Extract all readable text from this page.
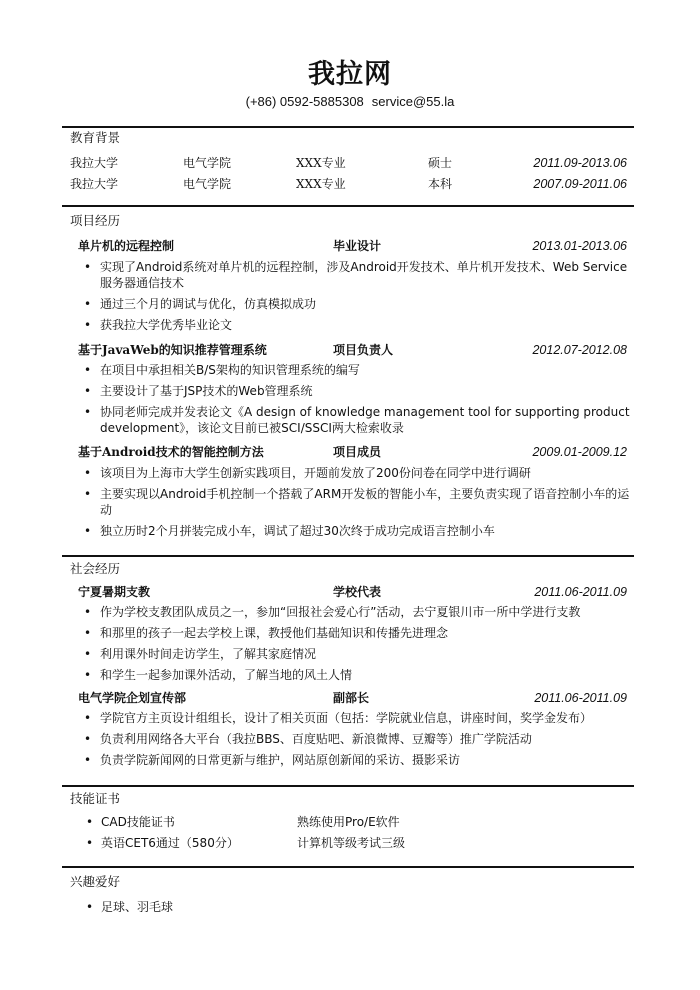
我拉网
(+86) 0592-5885308 service@55.la
教育背景
我拉大学	电气学院	XXX专业	硕士	2011.09-2013.06
我拉大学	电气学院	XXX专业	本科	2007.09-2011.06
项目经历
单片机的远程控制	毕业设计	2013.01-2013.06
• 实现了Android系统对单片机的远程控制，涉及Android开发技术、单片机开发技术、Web Service服务器通信技术
• 通过三个月的调试与优化，仿真模拟成功
• 获我拉大学优秀毕业论文
基于JavaWeb的知识推荐管理系统	项目负责人	2012.07-2012.08
• 在项目中承担相关B/S架构的知识管理系统的编写
• 主要设计了基于JSP技术的Web管理系统
• 协同老师完成并发表论文《A design of knowledge management tool for supporting product development》，该论文目前已被SCI/SSCI两大检索收录
基于Android技术的智能控制方法	项目成员	2009.01-2009.12
• 该项目为上海市大学生创新实践项目，开题前发放了200份问卷在同学中进行调研
• 主要实现以Android手机控制一个搭载了ARM开发板的智能小车，主要负责实现了语音控制小车的运动
• 独立历时2个月拼装完成小车，调试了超过30次终于成功完成语言控制小车
社会经历
宁夏暑期支教	学校代表	2011.06-2011.09
• 作为学校支教团队成员之一，参加“回报社会爱心行”活动，去宁夏银川市一所中学进行支教
• 和那里的孩子一起去学校上课，教授他们基础知识和传播先进理念
• 利用课外时间走访学生，了解其家庭情况
• 和学生一起参加课外活动，了解当地的风土人情
电气学院企划宣传部	副部长	2011.06-2011.09
• 学院官方主页设计组组长，设计了相关页面（包括：学院就业信息，讲座时间，奖学金发布）
• 负责利用网络各大平台（我拉BBS、百度贴吧、新浪微博、豆瓣等）推广学院活动
• 负责学院新闻网的日常更新与维护，网站原创新闻的采访、摄影采访
技能证书
• CAD技能证书	熟练使用Pro/E软件
• 英语CET6通过（580分）	计算机等级考试三级
兴趣爱好
• 足球、羽毛球
